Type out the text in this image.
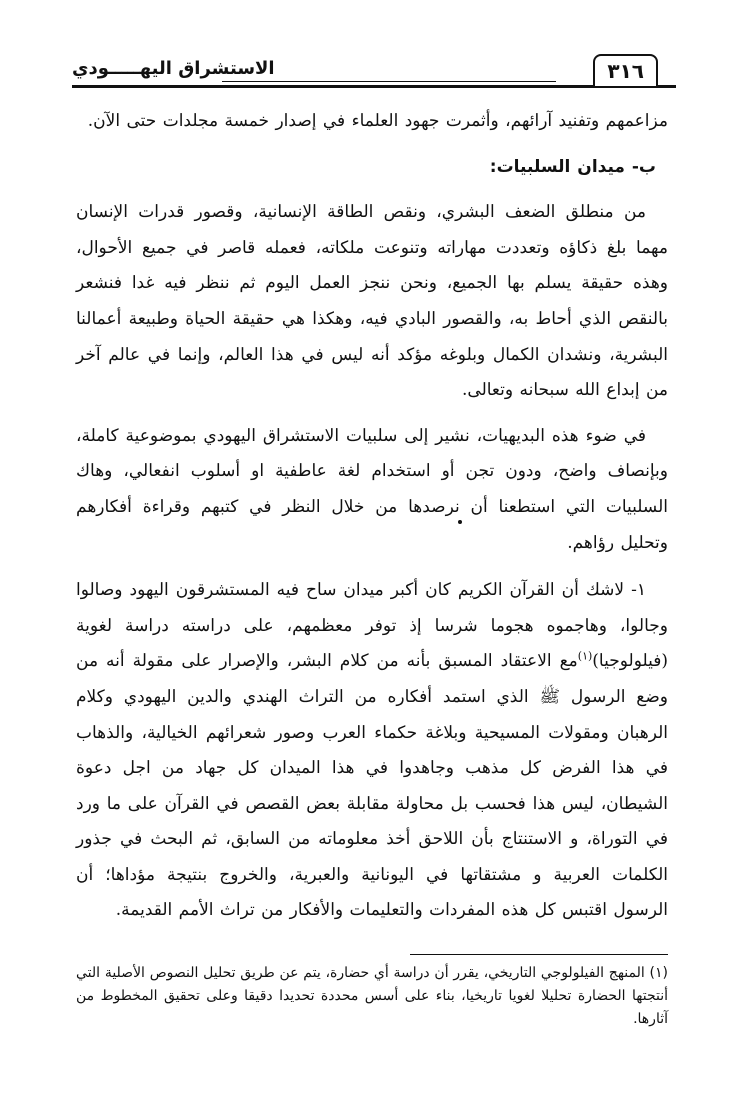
٣١٦
الاستشراق اليهـــــودي

مزاعمهم وتفنيد آرائهم، وأثمرت جهود العلماء في إصدار خمسة مجلدات حتى الآن.

ب- ميدان السلبيات:

من منطلق الضعف البشري، ونقص الطاقة الإنسانية، وقصور قدرات الإنسان مهما بلغ ذكاؤه وتعددت مهاراته وتنوعت ملكاته، فعمله قاصر في جميع الأحوال، وهذه حقيقة يسلم بها الجميع، ونحن ننجز العمل اليوم ثم ننظر فيه غدا فنشعر بالنقص الذي أحاط به، والقصور البادي فيه، وهكذا هي حقيقة الحياة وطبيعة أعمالنا البشرية، ونشدان الكمال وبلوغه مؤكد أنه ليس في هذا العالم، وإنما في عالم آخر من إبداع الله سبحانه وتعالى.

في ضوء هذه البديهيات، نشير إلى سلبيات الاستشراق اليهودي بموضوعية كاملة، وبإنصاف واضح، ودون تجن أو استخدام لغة عاطفية او أسلوب انفعالي، وهاك السلبيات التي استطعنا أن نرصدها من خلال النظر في كتبهم وقراءة أفكارهم وتحليل رؤاهم.

١- لاشك أن القرآن الكريم كان أكبر ميدان ساح فيه المستشرقون اليهود وصالوا وجالوا، وهاجموه هجوما شرسا إذ توفر معظمهم، على دراسته دراسة لغوية (فيلولوجيا)$^{(١)}$مع الاعتقاد المسبق بأنه من كلام البشر، والإصرار على مقولة أنه من وضع الرسول ﷺ الذي استمد أفكاره من التراث الهندي والدين اليهودي وكلام الرهبان ومقولات المسيحية وبلاغة حكماء العرب وصور شعرائهم الخيالية، والذهاب في هذا الفرض كل مذهب وجاهدوا في هذا الميدان كل جهاد من اجل دعوة الشيطان، ليس هذا فحسب بل محاولة مقابلة بعض القصص في القرآن على ما ورد في التوراة، و الاستنتاج بأن اللاحق أخذ معلوماته من السابق، ثم البحث في جذور الكلمات العربية و مشتقاتها في اليونانية والعبرية، والخروج بنتيجة مؤداها؛ أن الرسول اقتبس كل هذه المفردات والتعليمات والأفكار من تراث الأمم القديمة.

(١) المنهج الفيلولوجي التاريخي، يقرر أن دراسة أي حضارة، يتم عن طريق تحليل النصوص الأصلية التي أنتجتها الحضارة تحليلا لغويا تاريخيا، بناء على أسس محددة تحديدا دقيقا وعلى تحقيق المخطوط من آثارها.
